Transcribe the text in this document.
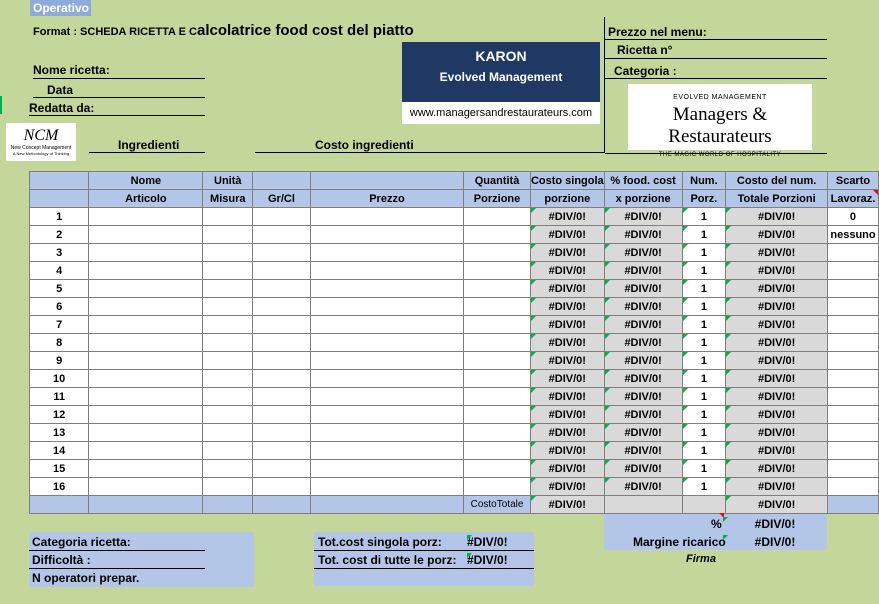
Operativo
Format : SCHEDA RICETTA E Calcolatrice food cost del piatto
Nome ricetta:
Data
Redatta da:
NCM
New Concept Management
A New Methodology of Thinking
Ingredienti	Costo ingredienti
KARON
Evolved Management
www.managersandrestaurateurs.com
Prezzo nel menu:
Ricetta n°
Categoria :
EVOLVED MANAGEMENT
Managers & Restaurateurs
THE MAGIC WORLD OF HOSPITALITY
	Nome	Unità			Quantità	Costo singola	% food. cost	Num.	Costo del num.	Scarto
	Articolo	Misura	Gr/Cl	Prezzo	Porzione	porzione	x porzione	Porz.	Totale Porzioni	Lavoraz.
1						#DIV/0!	#DIV/0!	1	#DIV/0!	0
2						#DIV/0!	#DIV/0!	1	#DIV/0!	nessuno
3						#DIV/0!	#DIV/0!	1	#DIV/0!	
4						#DIV/0!	#DIV/0!	1	#DIV/0!	
5						#DIV/0!	#DIV/0!	1	#DIV/0!	
6						#DIV/0!	#DIV/0!	1	#DIV/0!	
7						#DIV/0!	#DIV/0!	1	#DIV/0!	
8						#DIV/0!	#DIV/0!	1	#DIV/0!	
9						#DIV/0!	#DIV/0!	1	#DIV/0!	
10						#DIV/0!	#DIV/0!	1	#DIV/0!	
11						#DIV/0!	#DIV/0!	1	#DIV/0!	
12						#DIV/0!	#DIV/0!	1	#DIV/0!	
13						#DIV/0!	#DIV/0!	1	#DIV/0!	
14						#DIV/0!	#DIV/0!	1	#DIV/0!	
15						#DIV/0!	#DIV/0!	1	#DIV/0!	
16						#DIV/0!	#DIV/0!	1	#DIV/0!	
					CostoTotale	#DIV/0!			#DIV/0!	
Categoria ricetta:
Difficoltà :
N operatori prepar.
Tot.cost singola porz: #DIV/0!
Tot. cost di tutte le porz: #DIV/0!
%	#DIV/0!
Margine ricarico	#DIV/0!
Firma
